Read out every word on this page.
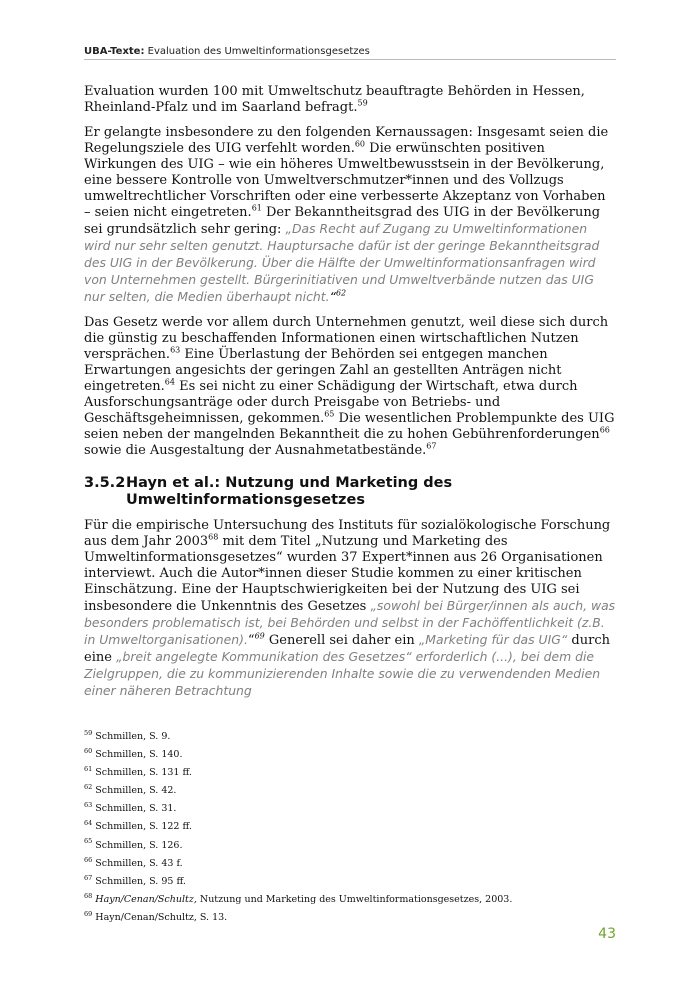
UBA-Texte: Evaluation des Umweltinformationsgesetzes

Evaluation wurden 100 mit Umweltschutz beauftragte Behörden in Hessen, Rheinland-Pfalz und im Saarland befragt.$^{59}$

Er gelangte insbesondere zu den folgenden Kernaussagen: Insgesamt seien die Regelungsziele des UIG verfehlt worden.$^{60}$ Die erwünschten positiven Wirkungen des UIG – wie ein höheres Umweltbewusstsein in der Bevölkerung, eine bessere Kontrolle von Umweltverschmutzer*innen und des Vollzugs umweltrechtlicher Vorschriften oder eine verbesserte Akzeptanz von Vorhaben – seien nicht eingetreten.$^{61}$ Der Bekanntheitsgrad des UIG in der Bevölkerung sei grundsätzlich sehr gering: „Das Recht auf Zugang zu Umweltinformationen wird nur sehr selten genutzt. Hauptursache dafür ist der geringe Bekanntheitsgrad des UIG in der Bevölkerung. Über die Hälfte der Umweltinformationsanfragen wird von Unternehmen gestellt. Bürgerinitiativen und Umweltverbände nutzen das UIG nur selten, die Medien überhaupt nicht.“$^{62}$

Das Gesetz werde vor allem durch Unternehmen genutzt, weil diese sich durch die günstig zu beschaffenden Informationen einen wirtschaftlichen Nutzen versprächen.$^{63}$ Eine Überlastung der Behörden sei entgegen manchen Erwartungen angesichts der geringen Zahl an gestellten Anträgen nicht eingetreten.$^{64}$ Es sei nicht zu einer Schädigung der Wirtschaft, etwa durch Ausforschungsanträge oder durch Preisgabe von Betriebs- und Geschäftsgeheimnissen, gekommen.$^{65}$ Die wesentlichen Problempunkte des UIG seien neben der mangelnden Bekanntheit die zu hohen Gebührenforderungen$^{66}$ sowie die Ausgestaltung der Ausnahmetatbestände.$^{67}$

3.5.2 Hayn et al.: Nutzung und Marketing des Umweltinformationsgesetzes

Für die empirische Untersuchung des Instituts für sozialökologische Forschung aus dem Jahr 2003$^{68}$ mit dem Titel „Nutzung und Marketing des Umweltinformationsgesetzes“ wurden 37 Expert*innen aus 26 Organisationen interviewt. Auch die Autor*innen dieser Studie kommen zu einer kritischen Einschätzung. Eine der Hauptschwierigkeiten bei der Nutzung des UIG sei insbesondere die Unkenntnis des Gesetzes „sowohl bei Bürger/innen als auch, was besonders problematisch ist, bei Behörden und selbst in der Fachöffentlichkeit (z.B. in Umweltorganisationen).“$^{69}$ Generell sei daher ein „Marketing für das UIG“ durch eine „breit angelegte Kommunikation des Gesetzes“ erforderlich (...), bei dem die Zielgruppen, die zu kommunizierenden Inhalte sowie die zu verwendenden Medien einer näheren Betrachtung

$^{59}$ Schmillen, S. 9.
$^{60}$ Schmillen, S. 140.
$^{61}$ Schmillen, S. 131 ff.
$^{62}$ Schmillen, S. 42.
$^{63}$ Schmillen, S. 31.
$^{64}$ Schmillen, S. 122 ff.
$^{65}$ Schmillen, S. 126.
$^{66}$ Schmillen, S. 43 f.
$^{67}$ Schmillen, S. 95 ff.
$^{68}$ Hayn/Cenan/Schultz, Nutzung und Marketing des Umweltinformationsgesetzes, 2003.
$^{69}$ Hayn/Cenan/Schultz, S. 13.
43
